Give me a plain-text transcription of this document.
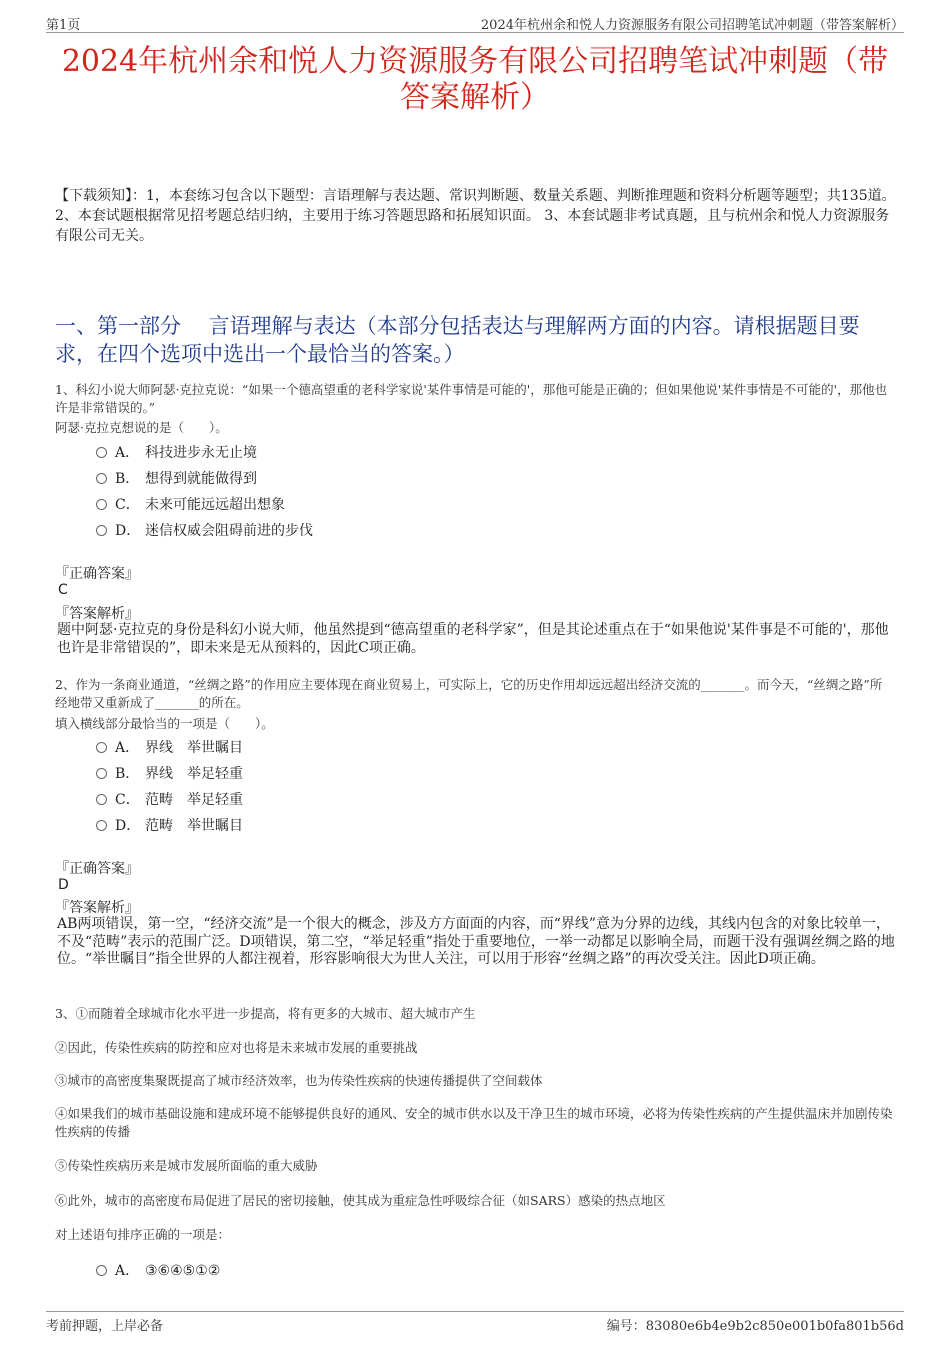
第1页	2024年杭州余和悦人力资源服务有限公司招聘笔试冲刺题（带答案解析）
2024年杭州余和悦人力资源服务有限公司招聘笔试冲刺题（带答案解析）
【下载须知】：1，本套练习包含以下题型：言语理解与表达题、常识判断题、数量关系题、判断推理题和资料分析题等题型；共135道。 2、本套试题根据常见招考题总结归纳，主要用于练习答题思路和拓展知识面。 3、本套试题非考试真题，且与杭州余和悦人力资源服务有限公司无关。
一、第一部分　 言语理解与表达（本部分包括表达与理解两方面的内容。请根据题目要求，在四个选项中选出一个最恰当的答案。）
1、科幻小说大师阿瑟·克拉克说：“如果一个德高望重的老科学家说'某件事情是可能的'，那他可能是正确的；但如果他说'某件事情是不可能的'，那他也许是非常错误的。”
阿瑟·克拉克想说的是（　　）。
A． 科技进步永无止境
B． 想得到就能做得到
C． 未来可能远远超出想象
D． 迷信权威会阻碍前进的步伐
『正确答案』
C
『答案解析』
题中阿瑟·克拉克的身份是科幻小说大师，他虽然提到“德高望重的老科学家”，但是其论述重点在于“如果他说'某件事是不可能的'，那他也许是非常错误的”，即未来是无从预料的，因此C项正确。
2、作为一条商业通道，“丝绸之路”的作用应主要体现在商业贸易上，可实际上，它的历史作用却远远超出经济交流的_______。而今天，“丝绸之路”所经地带又重新成了_______的所在。
填入横线部分最恰当的一项是（　　）。
A． 界线　举世瞩目
B． 界线　举足轻重
C． 范畴　举足轻重
D． 范畴　举世瞩目
『正确答案』
D
『答案解析』
AB两项错误，第一空，“经济交流”是一个很大的概念，涉及方方面面的内容，而“界线”意为分界的边线，其线内包含的对象比较单一，不及“范畴”表示的范围广泛。D项错误，第二空，“举足轻重”指处于重要地位，一举一动都足以影响全局，而题干没有强调丝绸之路的地位。“举世瞩目”指全世界的人都注视着，形容影响很大为世人关注，可以用于形容“丝绸之路”的再次受关注。因此D项正确。
3、①而随着全球城市化水平进一步提高，将有更多的大城市、超大城市产生
②因此，传染性疾病的防控和应对也将是未来城市发展的重要挑战
③城市的高密度集聚既提高了城市经济效率，也为传染性疾病的快速传播提供了空间载体
④如果我们的城市基础设施和建成环境不能够提供良好的通风、安全的城市供水以及干净卫生的城市环境，必将为传染性疾病的产生提供温床并加剧传染性疾病的传播
⑤传染性疾病历来是城市发展所面临的重大威胁
⑥此外，城市的高密度布局促进了居民的密切接触，使其成为重症急性呼吸综合征（如SARS）感染的热点地区
对上述语句排序正确的一项是：
A． ③⑥④⑤①②
考前押题，上岸必备	编号：83080e6b4e9b2c850e001b0fa801b56d
